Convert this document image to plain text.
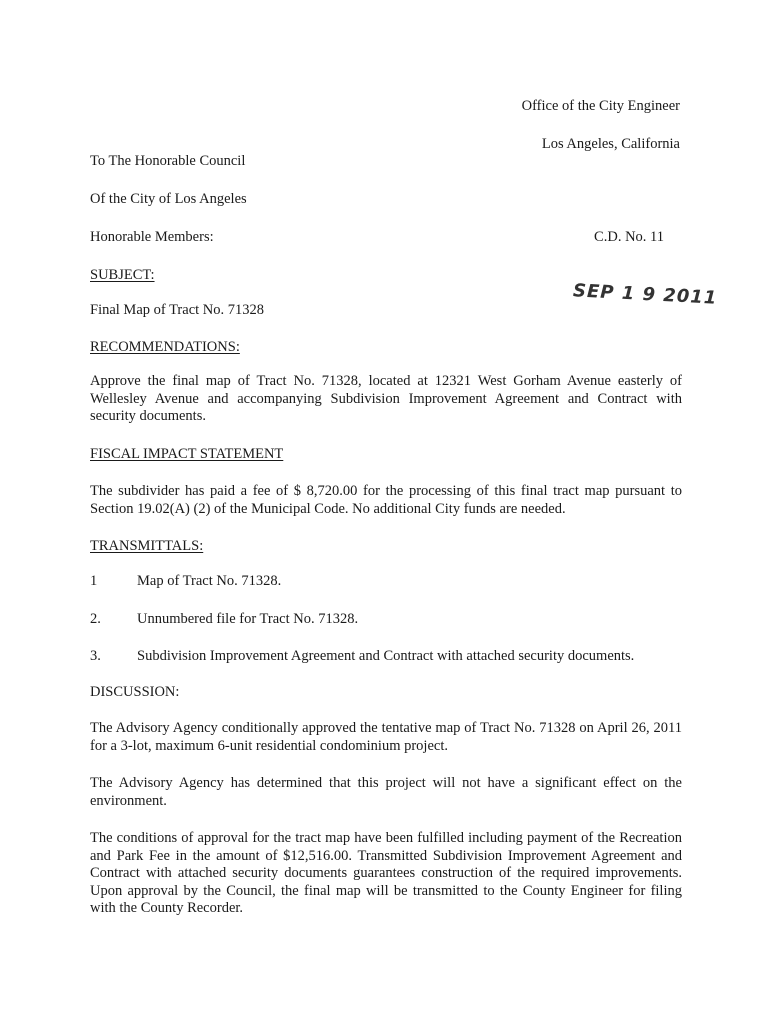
Office of the City Engineer
Los Angeles, California
To The Honorable Council
Of the City of Los Angeles
Honorable Members:	C.D. No. 11
SUBJECT:
Final Map of Tract No. 71328
SEP 1 9 2011
RECOMMENDATIONS:
Approve the final map of Tract No. 71328, located at 12321 West Gorham Avenue easterly of Wellesley Avenue and accompanying Subdivision Improvement Agreement and Contract with security documents.
FISCAL IMPACT STATEMENT
The subdivider has paid a fee of $ 8,720.00 for the processing of this final tract map pursuant to Section 19.02(A) (2) of the Municipal Code. No additional City funds are needed.
TRANSMITTALS:
1	Map of Tract No. 71328.
2. Unnumbered file for Tract No. 71328.
3. Subdivision Improvement Agreement and Contract with attached security documents.
DISCUSSION:
The Advisory Agency conditionally approved the tentative map of Tract No. 71328 on April 26, 2011 for a 3-lot, maximum 6-unit residential condominium project.
The Advisory Agency has determined that this project will not have a significant effect on the environment.
The conditions of approval for the tract map have been fulfilled including payment of the Recreation and Park Fee in the amount of $12,516.00. Transmitted Subdivision Improvement Agreement and Contract with attached security documents guarantees construction of the required improvements. Upon approval by the Council, the final map will be transmitted to the County Engineer for filing with the County Recorder.
